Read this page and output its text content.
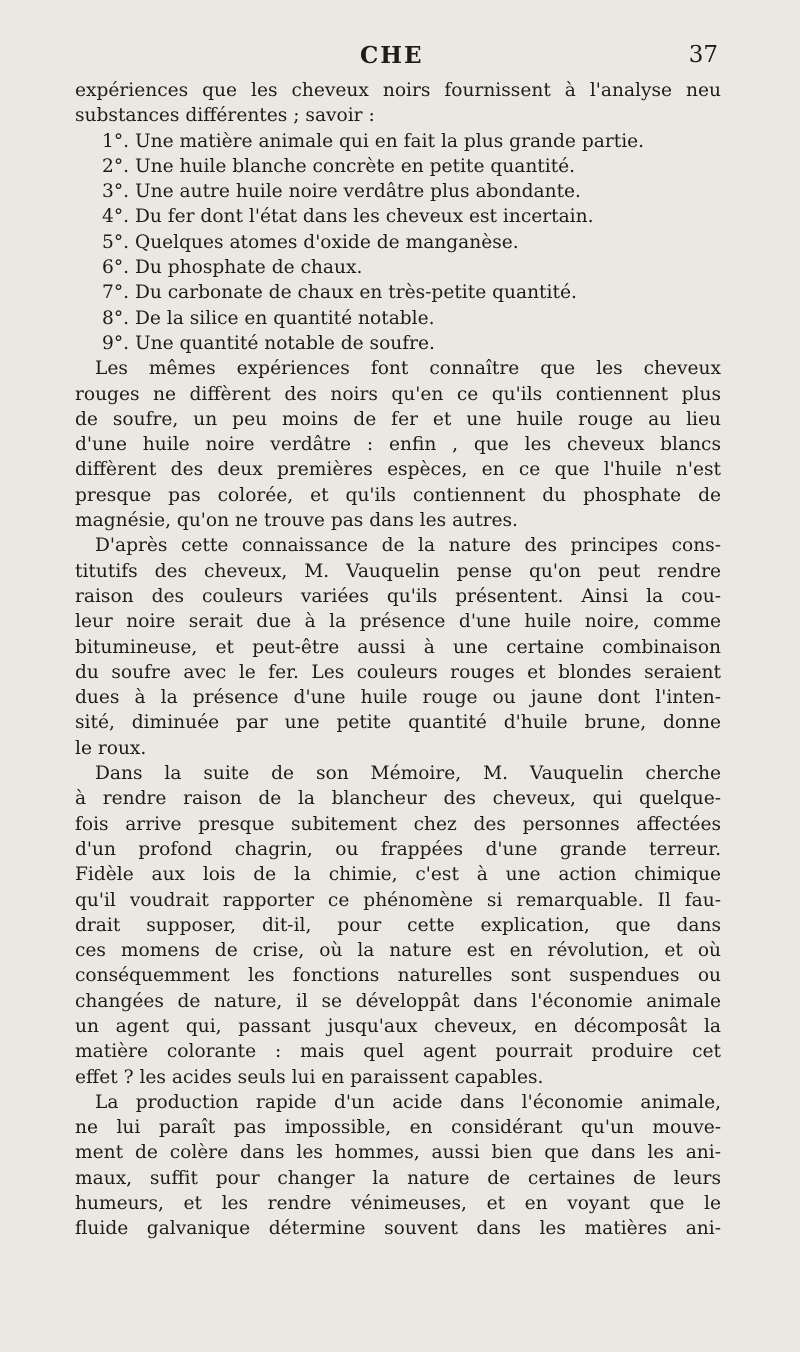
CHE	37

expériences que les cheveux noirs fournissent à l'analyse neu

substances différentes ; savoir :

1°. Une matière animale qui en fait la plus grande partie.

2°. Une huile blanche concrète en petite quantité.

3°. Une autre huile noire verdâtre plus abondante.

4°. Du fer dont l'état dans les cheveux est incertain.

5°. Quelques atomes d'oxide de manganèse.

6°. Du phosphate de chaux.

7°. Du carbonate de chaux en très-petite quantité.

8°. De la silice en quantité notable.

9°. Une quantité notable de soufre.

Les mêmes expériences font connaître que les cheveux

rouges ne diffèrent des noirs qu'en ce qu'ils contiennent plus

de soufre, un peu moins de fer et une huile rouge au lieu

d'une huile noire verdâtre : enfin , que les cheveux blancs

diffèrent des deux premières espèces, en ce que l'huile n'est

presque pas colorée, et qu'ils contiennent du phosphate de

magnésie, qu'on ne trouve pas dans les autres.

D'après cette connaissance de la nature des principes cons-

titutifs des cheveux, M. Vauquelin pense qu'on peut rendre

raison des couleurs variées qu'ils présentent. Ainsi la cou-

leur noire serait due à la présence d'une huile noire, comme

bitumineuse, et peut-être aussi à une certaine combinaison

du soufre avec le fer. Les couleurs rouges et blondes seraient

dues à la présence d'une huile rouge ou jaune dont l'inten-

sité, diminuée par une petite quantité d'huile brune, donne

le roux.

Dans la suite de son Mémoire, M. Vauquelin cherche

à rendre raison de la blancheur des cheveux, qui quelque-

fois arrive presque subitement chez des personnes affectées

d'un profond chagrin, ou frappées d'une grande terreur.

Fidèle aux lois de la chimie, c'est à une action chimique

qu'il voudrait rapporter ce phénomène si remarquable. Il fau-

drait supposer, dit-il, pour cette explication, que dans

ces momens de crise, où la nature est en révolution, et où

conséquemment les fonctions naturelles sont suspendues ou

changées de nature, il se développât dans l'économie animale

un agent qui, passant jusqu'aux cheveux, en décomposât la

matière colorante : mais quel agent pourrait produire cet

effet ? les acides seuls lui en paraissent capables.

La production rapide d'un acide dans l'économie animale,

ne lui paraît pas impossible, en considérant qu'un mouve-

ment de colère dans les hommes, aussi bien que dans les ani-

maux, suffit pour changer la nature de certaines de leurs

humeurs, et les rendre vénimeuses, et en voyant que le

fluide galvanique détermine souvent dans les matières ani-
